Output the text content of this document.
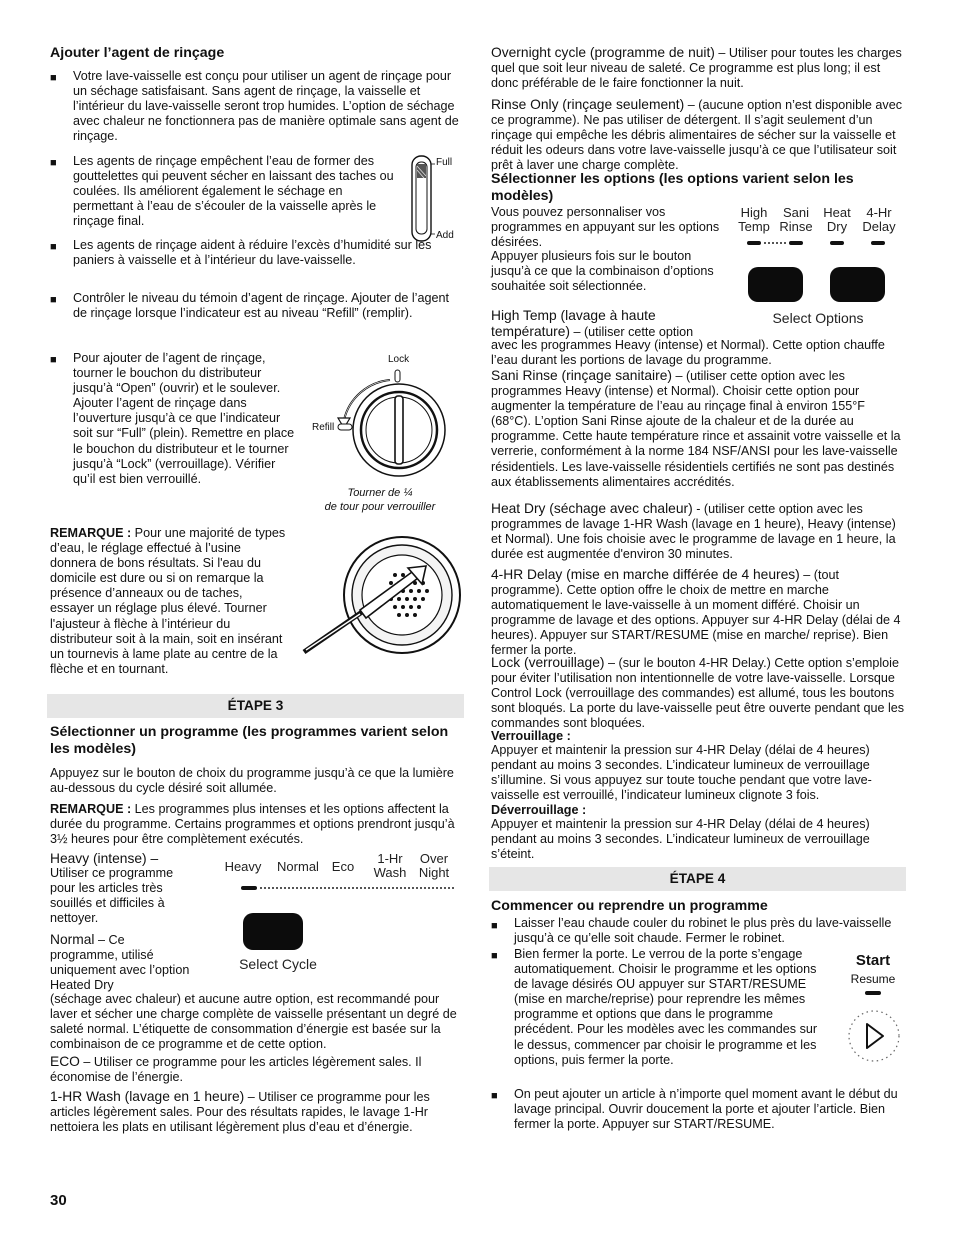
Ajouter l’agent de rinçage
■ Votre lave-vaisselle est conçu pour utiliser un agent de rinçage pour un séchage satisfaisant. Sans agent de rinçage, la vaisselle et l’intérieur du lave-vaisselle seront trop humides. L’option de séchage avec chaleur ne fonctionnera pas de manière optimale sans agent de rinçage.

■ Les agents de rinçage empêchent l’eau de former des gouttelettes qui peuvent sécher en laissant des taches ou coulées. Ils améliorent également le séchage en permettant à l’eau de s’écouler de la vaisselle après le rinçage final.

Full
Add
■ Les agents de rinçage aident à réduire l’excès d’humidité sur les paniers à vaisselle et à l’intérieur du lave-vaisselle.

■ Contrôler le niveau du témoin d’agent de rinçage. Ajouter de l’agent de rinçage lorsque l’indicateur est au niveau “Refill” (remplir).

■ Pour ajouter de l’agent de rinçage, tourner le bouchon du distributeur jusqu’à “Open” (ouvrir) et le soulever. Ajouter l’agent de rinçage dans l’ouverture jusqu’à ce que l’indicateur soit sur “Full” (plein). Remettre en place le bouchon du distributeur et le tourner jusqu’à “Lock” (verrouillage). Vérifier qu’il est bien verrouillé.

Lock
Refill
Tourner de ¼
de tour pour verrouiller

REMARQUE : Pour une majorité de types d’eau, le réglage effectué à l’usine donnera de bons résultats. Si l'eau du domicile est dure ou si on remarque la présence d’anneaux ou de taches, essayer un réglage plus élevé. Tourner l'ajusteur à flèche à l’intérieur du distributeur soit à la main, soit en insérant un tournevis à lame plate au centre de la flèche et en tournant.

ÉTAPE 3
Sélectionner un programme (les programmes varient selon les modèles)

Appuyez sur le bouton de choix du programme jusqu’à ce que la lumière au-dessous du cycle désiré soit allumée.

REMARQUE : Les programmes plus intenses et les options affectent la durée du programme. Certains programmes et options prendront jusqu’à 3½ heures pour être complètement exécutés.

Heavy (intense) –

Utiliser ce programme pour les articles très souillés et difficiles à nettoyer.

Normal – Ce programme, utilisé uniquement avec l’option Heated Dry

(séchage avec chaleur) et aucune autre option, est recommandé pour laver et sécher une charge complète de vaisselle présentant un degré de saleté normal. L’étiquette de consommation d’énergie est basée sur la combinaison de ce programme et de cette option.

Heavy	Normal Eco
1-Hr
Wash
Over
Night
Select Cycle

ECO – Utiliser ce programme pour les articles légèrement sales. Il économise de l’énergie.

1-HR Wash (lavage en 1 heure) – Utiliser ce programme pour les articles légèrement sales. Pour des résultats rapides, le lavage 1-Hr nettoiera les plats en utilisant légèrement plus d’eau et d’énergie.

30

Overnight cycle (programme de nuit) – Utiliser pour toutes les charges quel que soit leur niveau de saleté. Ce programme est plus long; il est donc préférable de le faire fonctionner la nuit.

Rinse Only (rinçage seulement) – (aucune option n’est disponible avec ce programme). Ne pas utiliser de détergent. Il s’agit seulement d’un rinçage qui empêche les débris alimentaires de sécher sur la vaisselle et réduit les odeurs dans votre lave-vaisselle jusqu’à ce que l’utilisateur soit prêt à laver une charge complète.

Sélectionner les options (les options varient selon les modèles)

Vous pouvez personnaliser vos programmes en appuyant sur les options désirées.

Appuyer plusieurs fois sur le bouton jusqu’à ce que la combinaison d’options souhaitée soit sélectionnée.

High Temp (lavage à haute température) – (utiliser cette option

avec les programmes Heavy (intense) et Normal). Cette option chauffe l’eau durant les portions de lavage du programme.

High
Temp
Sani
Rinse
Heat
Dry
4-Hr
Delay
Select Options

Sani Rinse (rinçage sanitaire) – (utiliser cette option avec les programmes Heavy (intense) et Normal). Choisir cette option pour augmenter la température de l’eau au rinçage final à environ 155°F (68°C). L’option Sani Rinse ajoute de la chaleur et de la durée au programme. Cette haute température rince et assainit votre vaisselle et la verrerie, conformément à la norme 184 NSF/ANSI pour les lave-vaisselle résidentiels. Les lave-vaisselle résidentiels certifiés ne sont pas destinés aux établissements alimentaires accrédités.

Heat Dry (séchage avec chaleur) - (utiliser cette option avec les programmes de lavage 1-HR Wash (lavage en 1 heure), Heavy (intense) et Normal). Une fois choisie avec le programme de lavage en 1 heure, la durée est augmentée d'environ 30 minutes.

4-HR Delay (mise en marche différée de 4 heures) – (tout programme). Cette option offre le choix de mettre en marche automatiquement le lave-vaisselle à un moment différé. Choisir un programme de lavage et des options. Appuyer sur 4-HR Delay (délai de 4 heures). Appuyer sur START/RESUME (mise en marche/ reprise). Bien fermer la porte.

Lock (verrouillage) – (sur le bouton 4-HR Delay.) Cette option s’emploie pour éviter l’utilisation non intentionnelle de votre lave-vaisselle. Lorsque Control Lock (verrouillage des commandes) est allumé, tous les boutons sont bloqués. La porte du lave-vaisselle peut être ouverte pendant que les commandes sont bloquées.

Verrouillage :

Appuyer et maintenir la pression sur 4-HR Delay (délai de 4 heures) pendant au moins 3 secondes. L’indicateur lumineux de verrouillage s’illumine. Si vous appuyez sur toute touche pendant que votre lave-vaisselle est verrouillé, l’indicateur lumineux clignote 3 fois.

Déverrouillage :

Appuyer et maintenir la pression sur 4-HR Delay (délai de 4 heures) pendant au moins 3 secondes. L’indicateur lumineux de verrouillage s’éteint.

ÉTAPE 4
Commencer ou reprendre un programme
■ Laisser l’eau chaude couler du robinet le plus près du lave-vaisselle jusqu’à ce qu’elle soit chaude. Fermer le robinet.

■ Bien fermer la porte. Le verrou de la porte s’engage automatiquement. Choisir le programme et les options de lavage désirés OU appuyer sur START/RESUME (mise en marche/reprise) pour reprendre les mêmes programme et options que dans le programme précédent. Pour les modèles avec les commandes sur le dessus, commencer par choisir le programme et les options, puis fermer la porte.

■ On peut ajouter un article à n’importe quel moment avant le début du lavage principal. Ouvrir doucement la porte et ajouter l’article. Bien fermer la porte. Appuyer sur START/RESUME.

Start
Resume
